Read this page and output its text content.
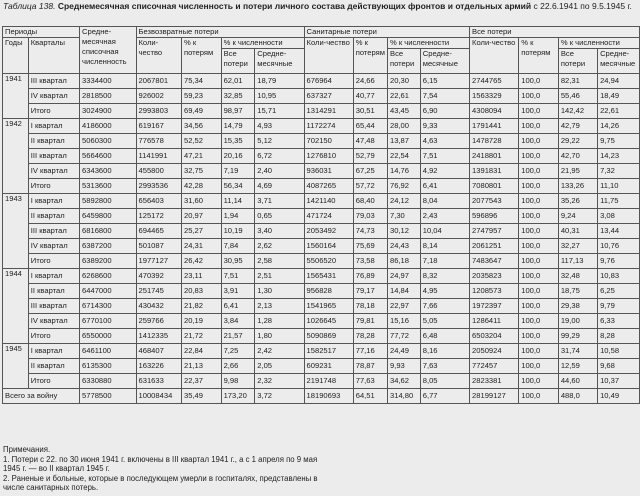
Таблица 138. Среднемесячная списочная численность и потери личного состава действующих фронтов и отдельных армий с 22.6.1941 по 9.5.1945 г.
Периоды		Средне-месячная списочная численность	Безвозвратные потери				Санитарные потери				Все потери			
Годы	Кварталы		Коли-чество	% к потерям	% к численности		Коли-чество	% к потерям	% к численности		Коли-чество	% к потерям	% к численности	
					Все потери	Средне-месячные			Все потери	Средне-месячные			Все потери	Средне-месячные
1941	III квартал	3334400	2067801	75,34	62,01	18,79	676964	24,66	20,30	6,15	2744765	100,0	82,31	24,94
	IV квартал	2818500	926002	59,23	32,85	10,95	637327	40,77	22,61	7,54	1563329	100,0	55,46	18,49
	Итого	3024900	2993803	69,49	98,97	15,71	1314291	30,51	43,45	6,90	4308094	100,0	142,42	22,61
1942	I квартал	4186000	619167	34,56	14,79	4,93	1172274	65,44	28,00	9,33	1791441	100,0	42,79	14,26
	II квартал	5060300	776578	52,52	15,35	5,12	702150	47,48	13,87	4,63	1478728	100,0	29,22	9,75
	III квартал	5664600	1141991	47,21	20,16	6,72	1276810	52,79	22,54	7,51	2418801	100,0	42,70	14,23
	IV квартал	6343600	455800	32,75	7,19	2,40	936031	67,25	14,76	4,92	1391831	100,0	21,95	7,32
	Итого	5313600	2993536	42,28	56,34	4,69	4087265	57,72	76,92	6,41	7080801	100,0	133,26	11,10
1943	I квартал	5892800	656403	31,60	11,14	3,71	1421140	68,40	24,12	8,04	2077543	100,0	35,26	11,75
	II квартал	6459800	125172	20,97	1,94	0,65	471724	79,03	7,30	2,43	596896	100,0	9,24	3,08
	III квартал	6816800	694465	25,27	10,19	3,40	2053492	74,73	30,12	10,04	2747957	100,0	40,31	13,44
	IV квартал	6387200	501087	24,31	7,84	2,62	1560164	75,69	24,43	8,14	2061251	100,0	32,27	10,76
	Итого	6389200	1977127	26,42	30,95	2,58	5506520	73,58	86,18	7,18	7483647	100,0	117,13	9,76
1944	I квартал	6268600	470392	23,11	7,51	2,51	1565431	76,89	24,97	8,32	2035823	100,0	32,48	10,83
	II квартал	6447000	251745	20,83	3,91	1,30	956828	79,17	14,84	4,95	1208573	100,0	18,75	6,25
	III квартал	6714300	430432	21,82	6,41	2,13	1541965	78,18	22,97	7,66	1972397	100,0	29,38	9,79
	IV квартал	6770100	259766	20,19	3,84	1,28	1026645	79,81	15,16	5,05	1286411	100,0	19,00	6,33
	Итого	6550000	1412335	21,72	21,57	1,80	5090869	78,28	77,72	6,48	6503204	100,0	99,29	8,28
1945	I квартал	6461100	468407	22,84	7,25	2,42	1582517	77,16	24,49	8,16	2050924	100,0	31,74	10,58
	II квартал	6135300	163226	21,13	2,66	2,05	609231	78,87	9,93	7,63	772457	100,0	12,59	9,68
	Итого	6330880	631633	22,37	9,98	2,32	2191748	77,63	34,62	8,05	2823381	100,0	44,60	10,37
Всего за войну		5778500	10008434	35,49	173,20	3,72	18190693	64,51	314,80	6,77	28199127	100,0	488,0	10,49
Примечания.
1. Потери с 22. по 30 июня 1941 г. включены в III квартал 1941 г., а с 1 апреля по 9 мая
1945 г. — во II квартал 1945 г.
2. Раненые и больные, которые в последующем умерли в госпиталях, представлены в
числе санитарных потерь.
